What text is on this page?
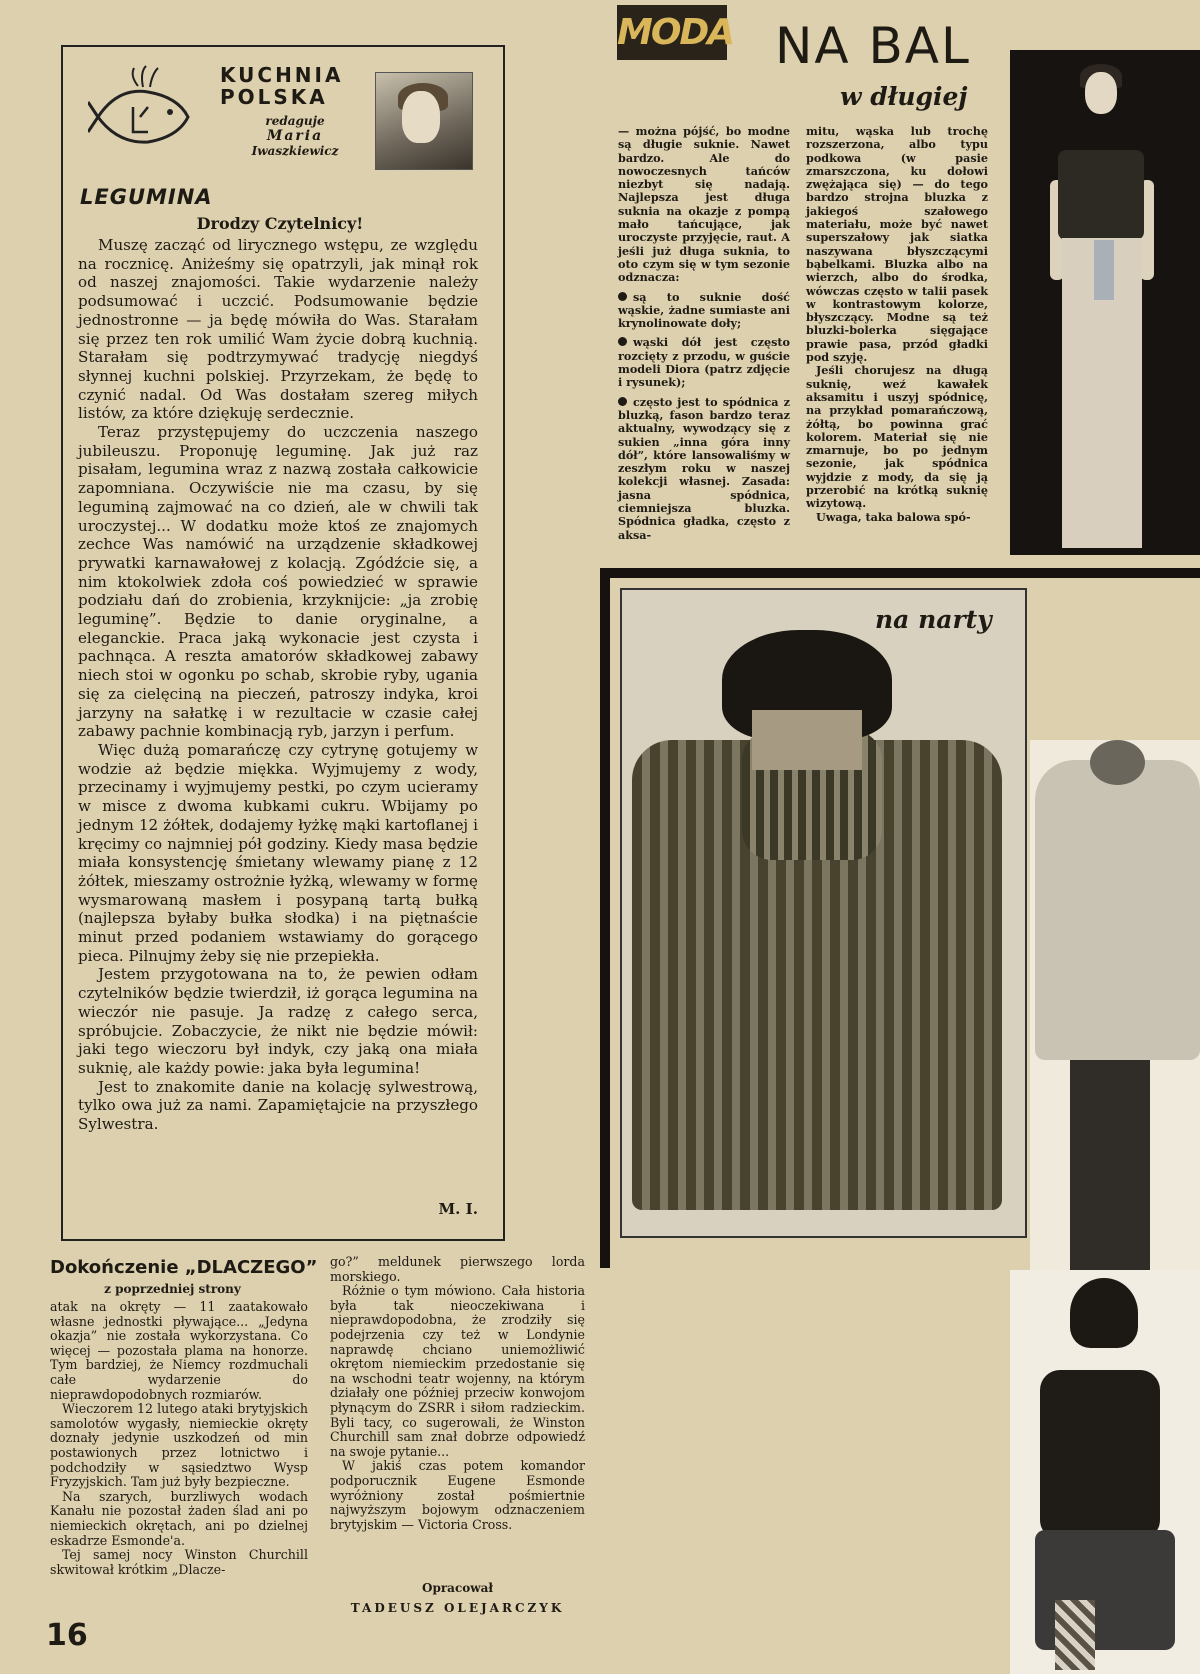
KUCHNIA
POLSKA
redaguje
Maria
Iwaszkiewicz
LEGUMINA
Drodzy Czytelnicy!

Muszę zacząć od lirycznego wstępu, ze względu na rocznicę. Anіżeśmy się opatrzyli, jak minął rok od naszej znajomości. Takie wydarzenie należy podsumować i uczcić. Podsumowanie będzie jednostronne — ja będę mówiła do Was. Starałam się przez ten rok umilić Wam życie dobrą kuchnią. Starałam się podtrzymywać tradycję niegdyś słynnej kuchni polskiej. Przyrzekam, że będę to czynić nadal. Od Was dostałam szereg miłych listów, za które dziękuję serdecznie.

Teraz przystępujemy do uczczenia naszego jubileuszu. Proponuję leguminę. Jak już raz pisałam, legumina wraz z nazwą została całkowicie zapomniana. Oczywiście nie ma czasu, by się leguminą zajmować na co dzień, ale w chwili tak uroczystej... W dodatku może ktoś ze znajomych zechce Was namówić na urządzenie składkowej prywatki karnawałowej z kolacją. Zgódźcie się, a nim ktokolwiek zdoła coś powiedzieć w sprawie podziału dań do zrobienia, krzyknijcie: „ja zrobię leguminę”. Będzie to danie oryginalne, a eleganckie. Praca jaką wykonacie jest czysta i pachnąca. A reszta amatorów składkowej zabawy niech stoi w ogonku po schab, skrobie ryby, ugania się za cielęciną na pieczeń, patroszy indyka, kroi jarzyny na sałatkę i w rezultacie w czasie całej zabawy pachnie kombinacją ryb, jarzyn i perfum.

Więc dużą pomarańczę czy cytrynę gotujemy w wodzie aż będzie miękka. Wyjmujemy z wody, przecinamy i wyjmujemy pestki, po czym ucieramy w misce z dwoma kubkami cukru. Wbijamy po jednym 12 żółtek, dodajemy łyżkę mąki kartoflanej i kręcimy co najmniej pół godziny. Kiedy masa będzie miała konsystencję śmietany wlewamy pianę z 12 żółtek, mieszamy ostrożnie łyżką, wlewamy w formę wysmarowaną masłem i posypaną tartą bułką (najlepsza byłaby bułka słodka) i na piętnaście minut przed podaniem wstawiamy do gorącego pieca. Pilnujmy żeby się nie przepiekła.

Jestem przygotowana na to, że pewien odłam czytelników będzie twierdził, iż gorąca legumina na wieczór nie pasuje. Ja radzę z całego serca, spróbujcie. Zobaczycie, że nikt nie będzie mówił: jaki tego wieczoru był indyk, czy jaką ona miała suknię, ale każdy powie: jaka była legumina!

Jest to znakomite danie na kolację sylwestrową, tylko owa już za nami. Zapamiętajcie na przyszłego Sylwestra.

M. I.
Dokończenie „DLACZEGO”
z poprzedniej strony

atak na okręty — 11 zaatakowało własne jednostki pływające... „Jedyna okazja” nie została wykorzystana. Co więcej — pozostała plama na honorze. Tym bardziej, że Niemcy rozdmuchali całe wydarzenie do nieprawdopodobnych rozmiarów.

Wieczorem 12 lutego ataki brytyjskich samolotów wygasły, niemieckie okręty doznały jedynie uszkodzeń od min postawionych przez lotnictwo i podchodziły w sąsiedztwo Wysp Fryzyjskich. Tam już były bezpieczne.

Na szarych, burzliwych wodach Kanału nie pozostał żaden ślad ani po niemieckich okrętach, ani po dzielnej eskadrze Esmonde'a.

Tej samej nocy Winston Churchill skwitował krótkim „Dlacze-

go?” meldunek pierwszego lorda morskiego.

Różnie o tym mówiono. Cała historia była tak nieoczekiwana i nieprawdopodobna, że zrodziły się podejrzenia czy też w Londynie naprawdę chciano uniemożliwić okrętom niemieckim przedostanie się na wschodni teatr wojenny, na którym działały one później przeciw konwojom płynącym do ZSRR i siłom radzieckim. Byli tacy, co sugerowali, że Winston Churchill sam znał dobrze odpowiedź na swoje pytanie...

W jakiś czas potem komandor podporucznik Eugene Esmonde wyróżniony został pośmiertnie najwyższym bojowym odznaczeniem brytyjskim — Victoria Cross.

Opracował
TADEUSZ OLEJARCZYK
16
MODA NA BAL
w długiej

— można pójść, bo modne są długie suknie. Nawet bardzo. Ale do nowoczesnych tańców niezbyt się nadają. Najlepsza jest długa suknia na okazje z pompą mało tańcujące, jak uroczyste przyjęcie, raut. A jeśli już długa suknia, to oto czym się w tym sezonie odznacza:

są to suknie dość wąskie, żadne sumiaste ani krynolinowate doły;

wąski dół jest często rozcięty z przodu, w guście modeli Diora (patrz zdjęcie i rysunek);

często jest to spódnica z bluzką, fason bardzo teraz aktualny, wywodzący się z sukien „inna góra inny dół”, które lansowaliśmy w zeszłym roku w naszej kolekcji własnej. Zasada: jasna spódnica, ciemniejsza bluzka. Spódnica gładka, często z aksa-

mitu, wąska lub trochę rozszerzona, albo typu podkowa (w pasie zmarszczona, ku dołowi zwężająca się) — do tego bardzo strojna bluzka z jakiegoś szałowego materiału, może być nawet superszałowy jak siatka naszywana błyszczącymi bąbelkami. Bluzka albo na wierzch, albo do środka, wówczas często w talii pasek w kontrastowym kolorze, błyszczący. Modne są też bluzki-bolerka sięgające prawie pasa, przód gładki pod szyję.

Jeśli chorujesz na długą suknię, weź kawałek aksamitu i uszyj spódnicę, na przykład pomarańczową, żółtą, bo powinna grać kolorem. Materiał się nie zmarnuje, bo po jednym sezonie, jak spódnica wyjdzie z mody, da się ją przerobić na krótką suknię wizytową.

Uwaga, taka balowa spó-

na narty
